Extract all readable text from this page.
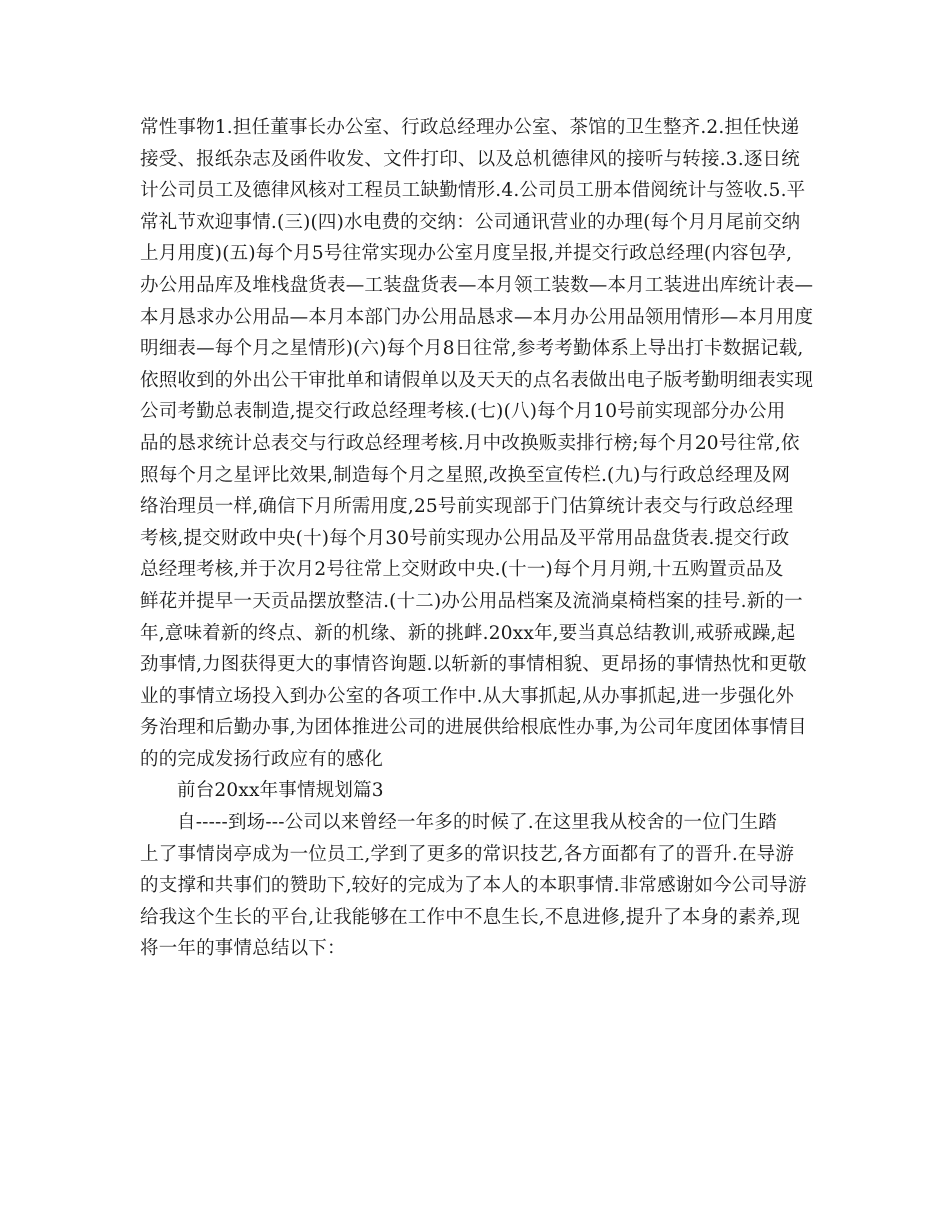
常性事物1.担任董事长办公室、行政总经理办公室、茶馆的卫生整齐.2.担任快递
接受、报纸杂志及函件收发、文件打印、以及总机德律风的接听与转接.3.逐日统
计公司员工及德律风核对工程员工缺勤情形.4.公司员工册本借阅统计与签收.5.平
常礼节欢迎事情.(三)(四)水电费的交纳：公司通讯营业的办理(每个月月尾前交纳
上月用度)(五)每个月5号往常实现办公室月度呈报,并提交行政总经理(内容包孕,
办公用品库及堆栈盘货表—工装盘货表—本月领工装数—本月工装进出库统计表—
本月恳求办公用品—本月本部门办公用品恳求—本月办公用品领用情形—本月用度
明细表—每个月之星情形)(六)每个月8日往常,参考考勤体系上导出打卡数据记载,
依照收到的外出公干审批单和请假单以及天天的点名表做出电子版考勤明细表实现
公司考勤总表制造,提交行政总经理考核.(七)(八)每个月10号前实现部分办公用
品的恳求统计总表交与行政总经理考核.月中改换贩卖排行榜;每个月20号往常,依
照每个月之星评比效果,制造每个月之星照,改换至宣传栏.(九)与行政总经理及网
络治理员一样,确信下月所需用度,25号前实现部于门估算统计表交与行政总经理
考核,提交财政中央(十)每个月30号前实现办公用品及平常用品盘货表.提交行政
总经理考核,并于次月2号往常上交财政中央.(十一)每个月月朔,十五购置贡品及
鲜花并提早一天贡品摆放整洁.(十二)办公用品档案及流淌桌椅档案的挂号.新的一
年,意味着新的终点、新的机缘、新的挑衅.20xx年,要当真总结教训,戒骄戒躁,起
劲事情,力图获得更大的事情咨询题.以斩新的事情相貌、更昂扬的事情热忱和更敬
业的事情立场投入到办公室的各项工作中.从大事抓起,从办事抓起,进一步强化外
务治理和后勤办事,为团体推进公司的进展供给根底性办事,为公司年度团体事情目
的的完成发扬行政应有的感化
前台20xx年事情规划篇3
自-----到场---公司以来曾经一年多的时候了.在这里我从校舍的一位门生踏
上了事情岗亭成为一位员工,学到了更多的常识技艺,各方面都有了的晋升.在导游
的支撑和共事们的赞助下,较好的完成为了本人的本职事情.非常感谢如今公司导游
给我这个生长的平台,让我能够在工作中不息生长,不息进修,提升了本身的素养,现
将一年的事情总结以下：
